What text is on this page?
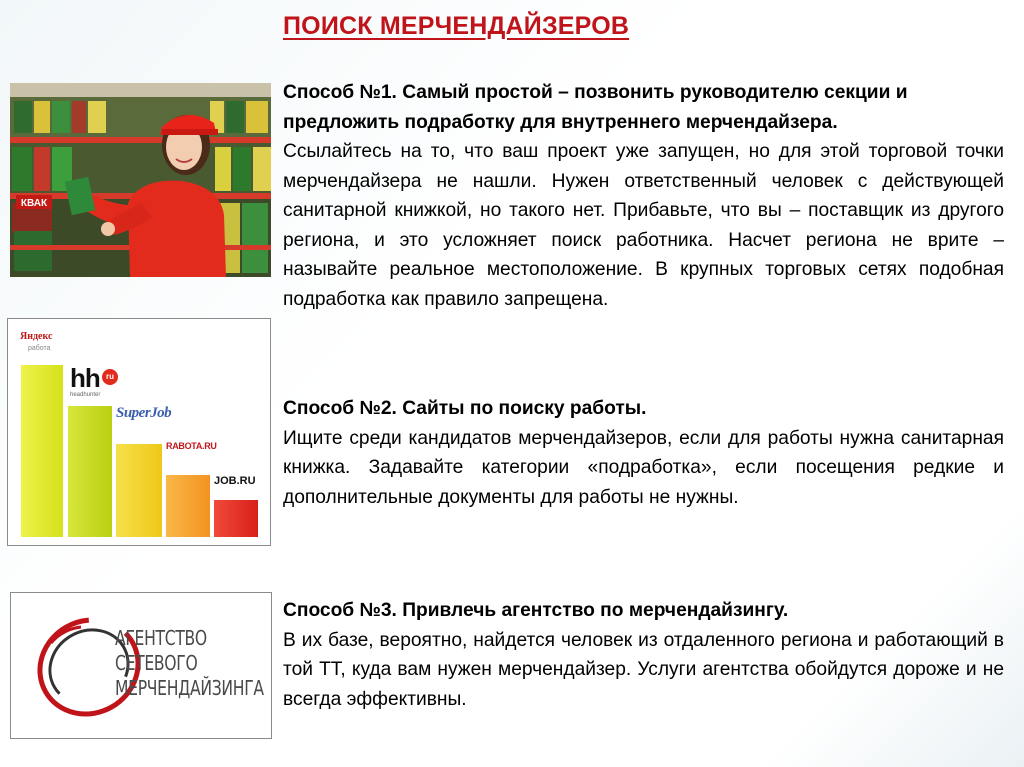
ПОИСК МЕРЧЕНДАЙЗЕРОВ
КВАК
Яндекс
работа
hh ru
headhunter
SuperJob
RABOTA.RU
JOB.RU
АГЕНТСТВО
СЕТЕВОГО
МЕРЧЕНДАЙЗИНГА

Способ №1. Самый простой – позвонить руководителю секции и предложить подработку для внутреннего мерчендайзера.

Ссылайтесь на то, что ваш проект уже запущен, но для этой торговой точки мерчендайзера не нашли. Нужен ответственный человек с действующей санитарной книжкой, но такого нет. Прибавьте, что вы – поставщик из другого региона, и это усложняет поиск работника. Насчет региона не врите – называйте реальное местоположение. В крупных торговых сетях подобная подработка как правило запрещена.

Способ №2. Сайты по поиску работы.

Ищите среди кандидатов мерчендайзеров, если для работы нужна санитарная книжка. Задавайте категории «подработка», если посещения редкие и дополнительные документы для работы не нужны.

Способ №3. Привлечь агентство по мерчендайзингу.

В их базе, вероятно, найдется человек из отдаленного региона и работающий в той ТТ, куда вам нужен мерчендайзер. Услуги агентства обойдутся дороже и не всегда эффективны.
